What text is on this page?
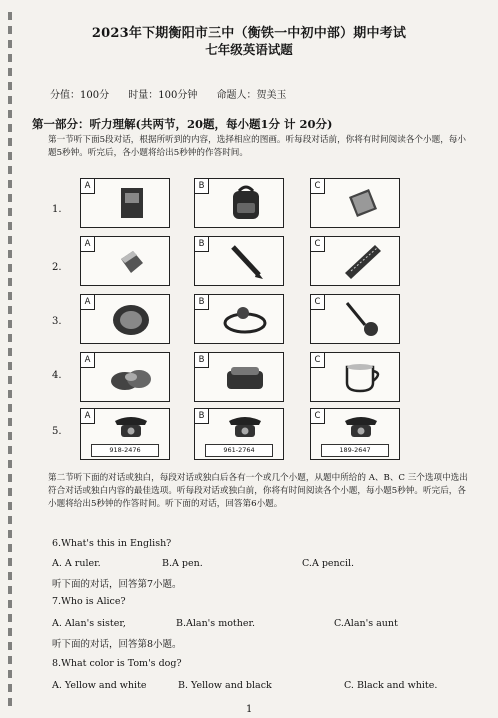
2023年下期衡阳市三中（衡铁一中初中部）期中考试
七年级英语试题
分值：100分 时量：100分钟 命题人：贺美玉
第一部分：听力理解(共两节，20题，每小题1分 计 20分)
第一节听下面5段对话，根据所听到的内容，选择相应的图画。听每段对话前，你将有时间阅读各个小题，每小题5秒钟。听完后，各小题将给出5秒钟的作答时间。
1.
A	B	C
2.
A	B	C
3.
A	B	C
4.
A	B	C
5.
A
918-2476
B
961-2764
C
189-2647
第二节听下面的对话或独白，每段对话或独白后各有一个或几个小题，从题中所给的 A、B、C 三个选项中选出符合对话或独白内容的最佳选项。听每段对话或独白前，你将有时间阅读各个小题，每小题5秒钟。听完后，各小题将给出5秒钟的作答时间。听下面的对话，回答第6小题。
6.What's this in English?
A. A ruler.	B.A pen.	C.A pencil.
听下面的对话，回答第7小题。
7.Who is Alice?
A. Alan's sister,	B.Alan's mother.	C.Alan's aunt
听下面的对话，回答第8小题。
8.What color is Tom's dog?
A. Yellow and white	B. Yellow and black	C. Black and white.
1
